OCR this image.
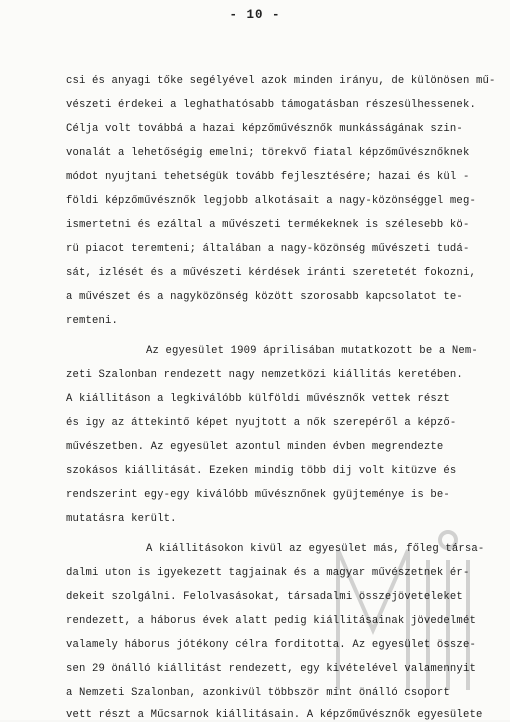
- 10 -
csi és anyagi tőke segélyével azok minden irányu, de különösen mű-
vészeti érdekei a leghathatósabb támogatásban részesülhessenek.
Célja volt továbbá a hazai képzőművésznők munkásságának szin-
vonalát a lehetőségig emelni; törekvő fiatal képzőművésznőknek
módot nyujtani tehetségük tovább fejlesztésére; hazai és kül -
földi képzőművésznők legjobb alkotásait a nagy-közönséggel meg-
ismertetni és ezáltal a művészeti termékeknek is szélesebb kö-
rü piacot teremteni; általában a nagy-közönség művészeti tudá-
sát, izlését és a művészeti kérdések iránti szeretetét fokozni,
a művészet és a nagyközönség között szorosabb kapcsolatot te-
remteni.
Az egyesület 1909 áprilisában mutatkozott be a Nem-
zeti Szalonban rendezett nagy nemzetközi kiállitás keretében.
A kiállitáson a legkiválóbb külföldi művésznők vettek részt
és igy az áttekintő képet nyujtott a nők szerepéről a képző-
művészetben. Az egyesület azontul minden évben megrendezte
szokásos kiállitását. Ezeken mindig több dij volt kitüzve és
rendszerint egy-egy kiválóbb művésznőnek gyüjteménye is be-
mutatásra került.
A kiállitásokon kivül az egyesület más, főleg társa-
dalmi uton is igyekezett tagjainak és a magyar művészetnek ér-
dekeit szolgálni. Felolvasásokat, társadalmi összejöveteleket
rendezett, a háborus évek alatt pedig kiállitásainak jövedelmét
valamely háborus jótékony célra forditotta. Az egyesület össze-
sen 29 önálló kiállitást rendezett, egy kivételével valamennyit
a Nemzeti Szalonban, azonkivül többször mint önálló csoport
vett részt a Műcsarnok kiállitásain. A képzőművésznők egyesülete
